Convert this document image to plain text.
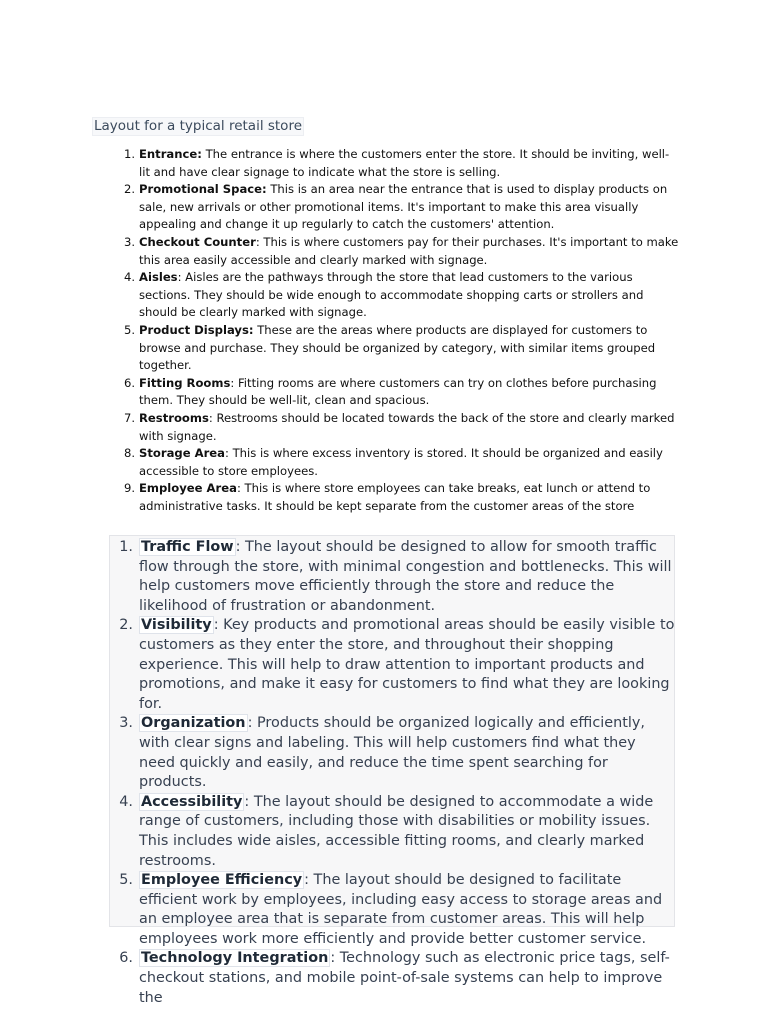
Layout for a typical retail store
1. Entrance: The entrance is where the customers enter the store. It should be inviting, well-lit and have clear signage to indicate what the store is selling.
2. Promotional Space: This is an area near the entrance that is used to display products on sale, new arrivals or other promotional items. It's important to make this area visually appealing and change it up regularly to catch the customers' attention.
3. Checkout Counter: This is where customers pay for their purchases. It's important to make this area easily accessible and clearly marked with signage.
4. Aisles: Aisles are the pathways through the store that lead customers to the various sections. They should be wide enough to accommodate shopping carts or strollers and should be clearly marked with signage.
5. Product Displays: These are the areas where products are displayed for customers to browse and purchase. They should be organized by category, with similar items grouped together.
6. Fitting Rooms: Fitting rooms are where customers can try on clothes before purchasing them. They should be well-lit, clean and spacious.
7. Restrooms: Restrooms should be located towards the back of the store and clearly marked with signage.
8. Storage Area: This is where excess inventory is stored. It should be organized and easily accessible to store employees.
9. Employee Area: This is where store employees can take breaks, eat lunch or attend to administrative tasks. It should be kept separate from the customer areas of the store
1. Traffic Flow : The layout should be designed to allow for smooth traffic flow through the store, with minimal congestion and bottlenecks. This will help customers move efficiently through the store and reduce the likelihood of frustration or abandonment.
2. Visibility : Key products and promotional areas should be easily visible to customers as they enter the store, and throughout their shopping experience. This will help to draw attention to important products and promotions, and make it easy for customers to find what they are looking for.
3. Organization : Products should be organized logically and efficiently, with clear signs and labeling. This will help customers find what they need quickly and easily, and reduce the time spent searching for products.
4. Accessibility : The layout should be designed to accommodate a wide range of customers, including those with disabilities or mobility issues. This includes wide aisles, accessible fitting rooms, and clearly marked restrooms.
5. Employee Efficiency : The layout should be designed to facilitate efficient work by employees, including easy access to storage areas and an employee area that is separate from customer areas. This will help employees work more efficiently and provide better customer service.
6. Technology Integration : Technology such as electronic price tags, self-checkout stations, and mobile point-of-sale systems can help to improve the
